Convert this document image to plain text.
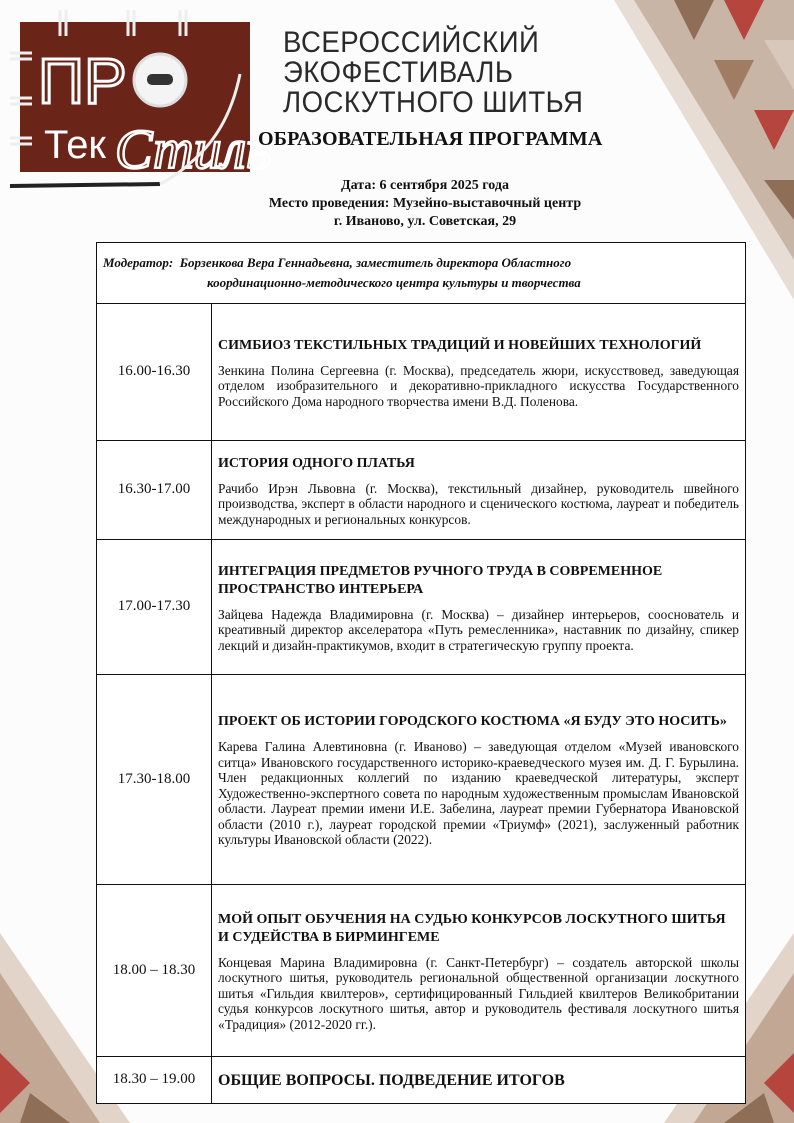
ПР
Тек Стиль
ВСЕРОССИЙСКИЙ
ЭКОФЕСТИВАЛЬ
ЛОСКУТНОГО ШИТЬЯ
ОБРАЗОВАТЕЛЬНАЯ ПРОГРАММА
Дата: 6 сентября 2025 года
Место проведения: Музейно-выставочный центр
г. Иваново, ул. Советская, 29
Модератор: Борзенкова Вера Геннадьевна, заместитель директора Областного
координационно-методического центра культуры и творчества	

16.00-16.30	СИМБИОЗ ТЕКСТИЛЬНЫХ ТРАДИЦИЙ И НОВЕЙШИХ ТЕХНОЛОГИЙ
Зенкина Полина Сергеевна (г. Москва), председатель жюри, искусствовед, заведующая отделом изобразительного и декоративно-прикладного искусства Государственного Российского Дома народного творчества имени В.Д. Поленова.

16.30-17.00	ИСТОРИЯ ОДНОГО ПЛАТЬЯ
Рачибо Ирэн Львовна (г. Москва), текстильный дизайнер, руководитель швейного производства, эксперт в области народного и сценического костюма, лауреат и победитель международных и региональных конкурсов.

17.00-17.30	ИНТЕГРАЦИЯ ПРЕДМЕТОВ РУЧНОГО ТРУДА В СОВРЕМЕННОЕ ПРОСТРАНСТВО ИНТЕРЬЕРА
Зайцева Надежда Владимировна (г. Москва) – дизайнер интерьеров, сооснователь и креативный директор акселератора «Путь ремесленника», наставник по дизайну, спикер лекций и дизайн-практикумов, входит в стратегическую группу проекта.

17.30-18.00	ПРОЕКТ ОБ ИСТОРИИ ГОРОДСКОГО КОСТЮМА «Я БУДУ ЭТО НОСИТЬ»
Карева Галина Алевтиновна (г. Иваново) – заведующая отделом «Музей ивановского ситца» Ивановского государственного историко-краеведческого музея им. Д. Г. Бурылина. Член редакционных коллегий по изданию краеведческой литературы, эксперт Художественно-экспертного совета по народным художественным промыслам Ивановской области. Лауреат премии имени И.Е. Забелина, лауреат премии Губернатора Ивановской области (2010 г.), лауреат городской премии «Триумф» (2021), заслуженный работник культуры Ивановской области (2022).

18.00 – 18.30	МОЙ ОПЫТ ОБУЧЕНИЯ НА СУДЬЮ КОНКУРСОВ ЛОСКУТНОГО ШИТЬЯ И СУДЕЙСТВА В БИРМИНГЕМЕ
Концевая Марина Владимировна (г. Санкт-Петербург) – создатель авторской школы лоскутного шитья, руководитель региональной общественной организации лоскутного шитья «Гильдия квилтеров», сертифицированный Гильдией квилтеров Великобритании судья конкурсов лоскутного шитья, автор и руководитель фестиваля лоскутного шитья «Традиция» (2012-2020 гг.).

18.30 – 19.00	ОБЩИЕ ВОПРОСЫ. ПОДВЕДЕНИЕ ИТОГОВ
